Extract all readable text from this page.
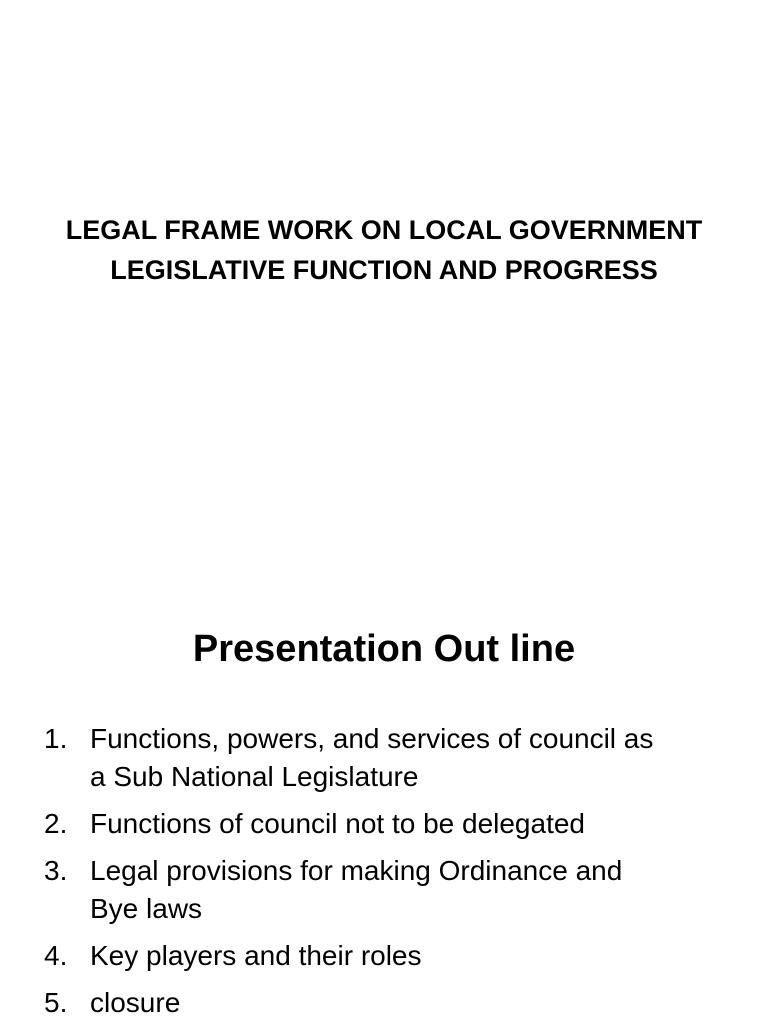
LEGAL FRAME WORK ON LOCAL GOVERNMENT
LEGISLATIVE FUNCTION AND PROGRESS
Presentation Out line
1. Functions, powers, and services of council as
a Sub National Legislature
2. Functions of council not to be delegated
3. Legal provisions for making Ordinance and
Bye laws
4. Key players and their roles
5. closure
